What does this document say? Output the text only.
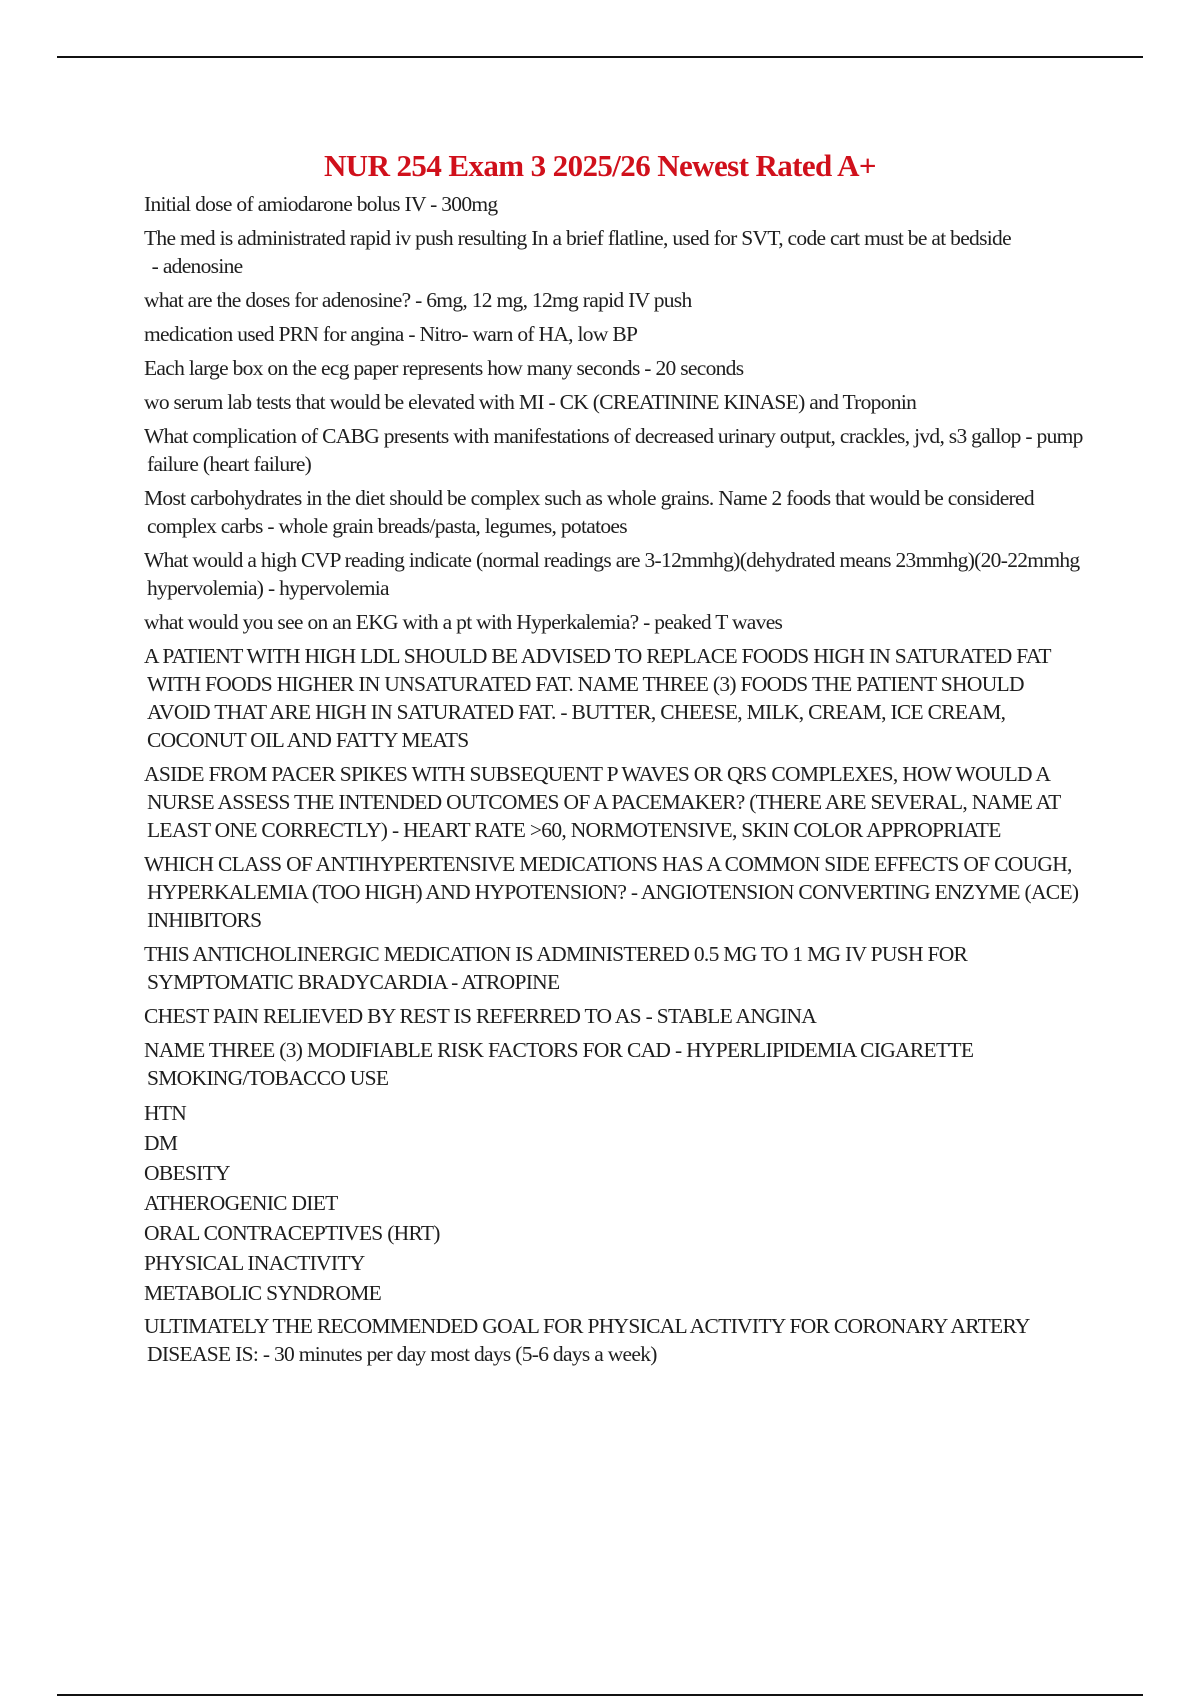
NUR 254 Exam 3 2025/26 Newest Rated A+

Initial dose of amiodarone bolus IV - 300mg

The med is administrated rapid iv push resulting In a brief flatline, used for SVT, code cart must be at bedside - adenosine

what are the doses for adenosine? - 6mg, 12 mg, 12mg rapid IV push

medication used PRN for angina - Nitro- warn of HA, low BP

Each large box on the ecg paper represents how many seconds - 20 seconds

wo serum lab tests that would be elevated with MI - CK (CREATININE KINASE) and Troponin

What complication of CABG presents with manifestations of decreased urinary output, crackles, jvd, s3 gallop - pump failure (heart failure)

Most carbohydrates in the diet should be complex such as whole grains. Name 2 foods that would be considered complex carbs - whole grain breads/pasta, legumes, potatoes

What would a high CVP reading indicate (normal readings are 3-12mmhg)(dehydrated means 23mmhg)(20-22mmhg hypervolemia) - hypervolemia

what would you see on an EKG with a pt with Hyperkalemia? - peaked T waves

A PATIENT WITH HIGH LDL SHOULD BE ADVISED TO REPLACE FOODS HIGH IN SATURATED FAT WITH FOODS HIGHER IN UNSATURATED FAT. NAME THREE (3) FOODS THE PATIENT SHOULD AVOID THAT ARE HIGH IN SATURATED FAT. - BUTTER, CHEESE, MILK, CREAM, ICE CREAM, COCONUT OIL AND FATTY MEATS

ASIDE FROM PACER SPIKES WITH SUBSEQUENT P WAVES OR QRS COMPLEXES, HOW WOULD A NURSE ASSESS THE INTENDED OUTCOMES OF A PACEMAKER? (THERE ARE SEVERAL, NAME AT LEAST ONE CORRECTLY) - HEART RATE >60, NORMOTENSIVE, SKIN COLOR APPROPRIATE

WHICH CLASS OF ANTIHYPERTENSIVE MEDICATIONS HAS A COMMON SIDE EFFECTS OF COUGH, HYPERKALEMIA (TOO HIGH) AND HYPOTENSION? - ANGIOTENSION CONVERTING ENZYME (ACE) INHIBITORS

THIS ANTICHOLINERGIC MEDICATION IS ADMINISTERED 0.5 MG TO 1 MG IV PUSH FOR SYMPTOMATIC BRADYCARDIA - ATROPINE

CHEST PAIN RELIEVED BY REST IS REFERRED TO AS - STABLE ANGINA

NAME THREE (3) MODIFIABLE RISK FACTORS FOR CAD - HYPERLIPIDEMIA CIGARETTE SMOKING/TOBACCO USE

HTN
DM
OBESITY
ATHEROGENIC DIET
ORAL CONTRACEPTIVES (HRT)
PHYSICAL INACTIVITY
METABOLIC SYNDROME

ULTIMATELY THE RECOMMENDED GOAL FOR PHYSICAL ACTIVITY FOR CORONARY ARTERY DISEASE IS: - 30 minutes per day most days (5-6 days a week)
